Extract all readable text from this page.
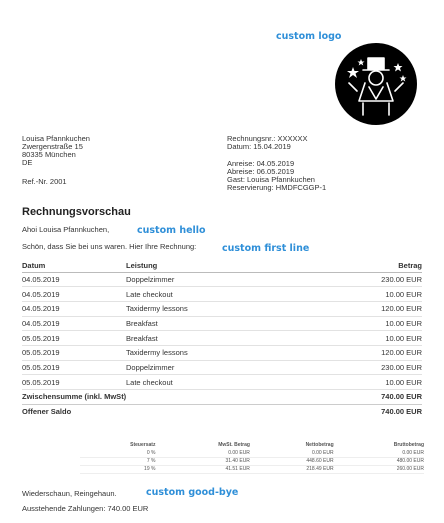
custom logo
Louisa Pfannkuchen
Zwergenstraße 15
80335 München
DE
Ref.-Nr. 2001
Rechnungsnr.: XXXXXX
Datum: 15.04.2019
Anreise: 04.05.2019
Abreise: 06.05.2019
Gast: Louisa Pfannkuchen
Reservierung: HMDFCGGP-1
Rechnungsvorschau
Ahoi Louisa Pfannkuchen,	custom hello
Schön, dass Sie bei uns waren. Hier Ihre Rechnung:	custom first line
Datum	Leistung	Betrag
04.05.2019	Doppelzimmer	230.00 EUR
04.05.2019	Late checkout	10.00 EUR
04.05.2019	Taxidermy lessons	120.00 EUR
04.05.2019	Breakfast	10.00 EUR
05.05.2019	Breakfast	10.00 EUR
05.05.2019	Taxidermy lessons	120.00 EUR
05.05.2019	Doppelzimmer	230.00 EUR
05.05.2019	Late checkout	10.00 EUR
Zwischensumme (inkl. MwSt)		740.00 EUR
Offener Saldo		740.00 EUR
Steuersatz	MwSt. Betrag	Nettobetrag	Bruttobetrag
0 %	0.00 EUR	0.00 EUR	0.00 EUR
7 %	31.40 EUR	448.60 EUR	480.00 EUR
19 %	41.51 EUR	218.49 EUR	260.00 EUR
Wiederschaun, Reingehaun.	custom good-bye
Ausstehende Zahlungen: 740.00 EUR
